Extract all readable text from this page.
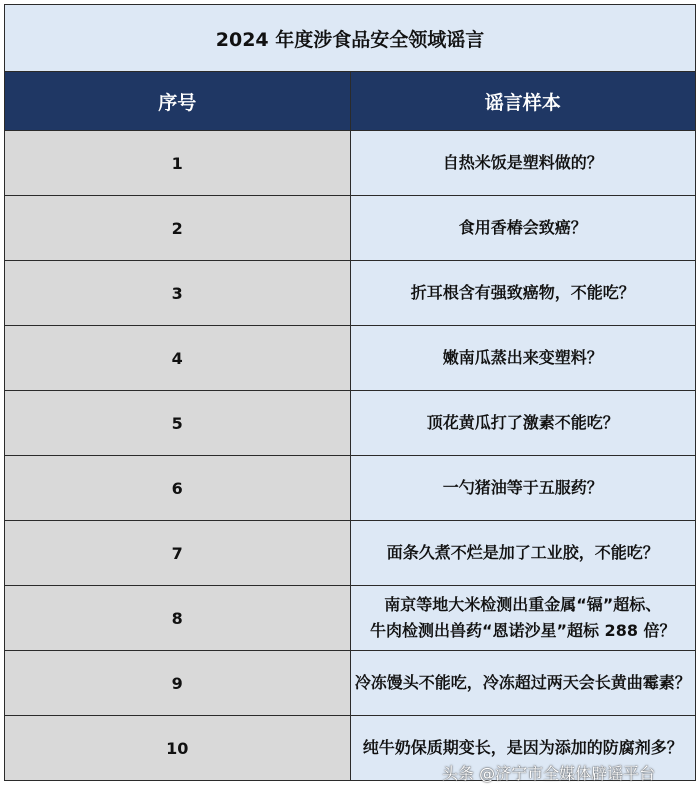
2024 年度涉食品安全领域谣言	
序号	谣言样本
1	自热米饭是塑料做的？

2	食用香椿会致癌？

3	折耳根含有强致癌物，不能吃？

4	嫩南瓜蒸出来变塑料？

5	顶花黄瓜打了激素不能吃？

6	一勺猪油等于五服药？

7	面条久煮不烂是加了工业胶，不能吃？

8	南京等地大米检测出重金属“镉”超标、
牛肉检测出兽药“恩诺沙星”超标 288 倍？

9	冷冻馒头不能吃，冷冻超过两天会长黄曲霉素？

10	纯牛奶保质期变长，是因为添加的防腐剂多？
头条 @济宁市全媒体辟谣平台
